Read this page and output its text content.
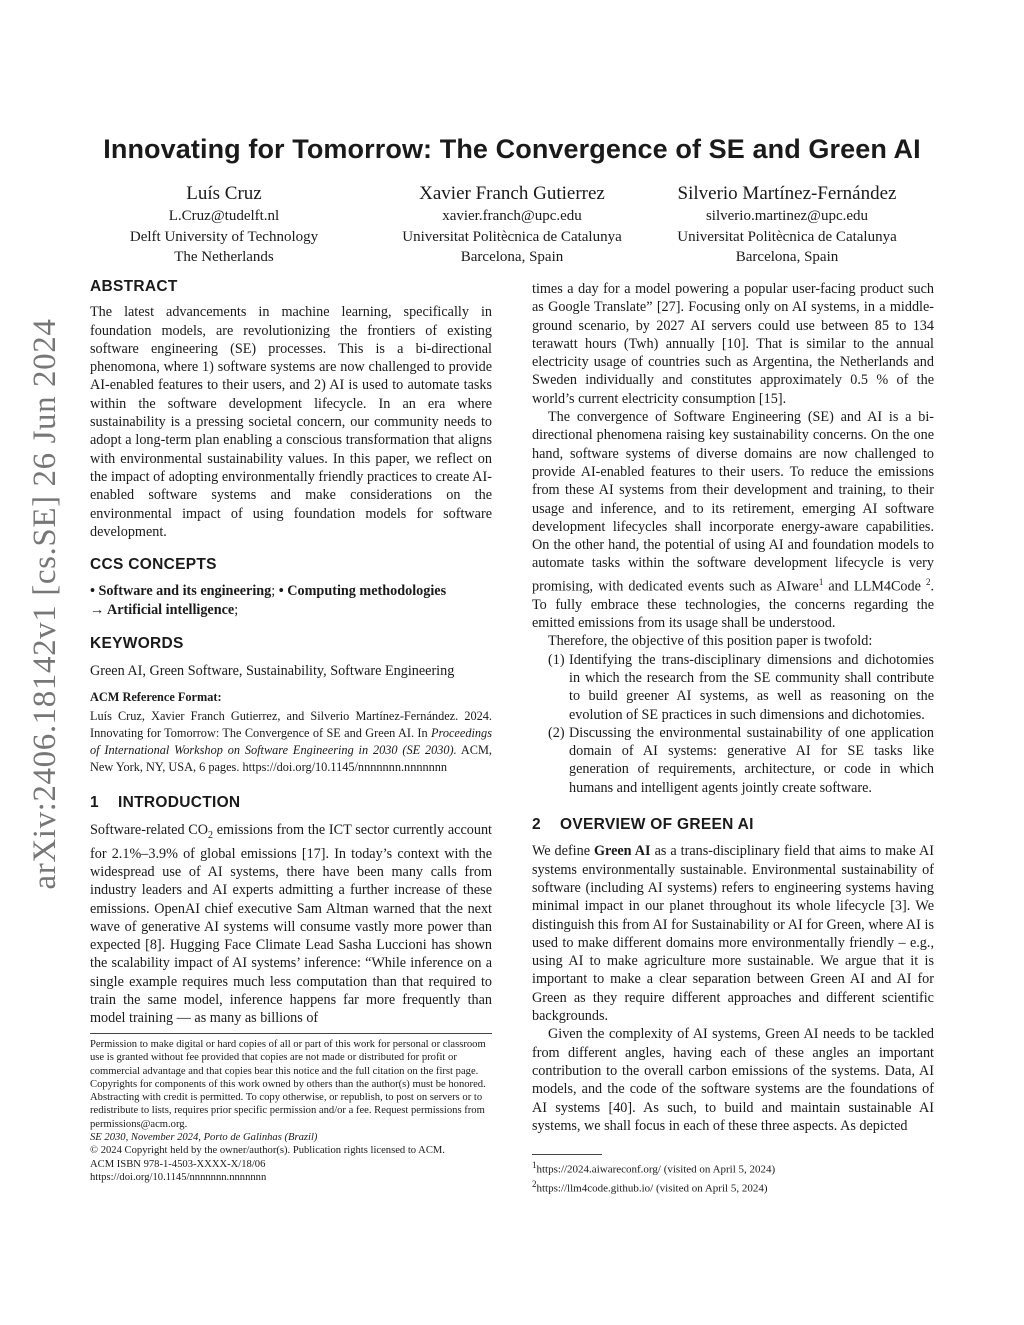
arXiv:2406.18142v1 [cs.SE] 26 Jun 2024
Innovating for Tomorrow: The Convergence of SE and Green AI
Luís Cruz
L.Cruz@tudelft.nl
Delft University of Technology
The Netherlands
Xavier Franch Gutierrez
xavier.franch@upc.edu
Universitat Politècnica de Catalunya
Barcelona, Spain
Silverio Martínez-Fernández
silverio.martinez@upc.edu
Universitat Politècnica de Catalunya
Barcelona, Spain
ABSTRACT

The latest advancements in machine learning, specifically in foundation models, are revolutionizing the frontiers of existing software engineering (SE) processes. This is a bi-directional phenomona, where 1) software systems are now challenged to provide AI-enabled features to their users, and 2) AI is used to automate tasks within the software development lifecycle. In an era where sustainability is a pressing societal concern, our community needs to adopt a long-term plan enabling a conscious transformation that aligns with environmental sustainability values. In this paper, we reflect on the impact of adopting environmentally friendly practices to create AI-enabled software systems and make considerations on the environmental impact of using foundation models for software development.

CCS CONCEPTS

• Software and its engineering; • Computing methodologies
→ Artificial intelligence;

KEYWORDS

Green AI, Green Software, Sustainability, Software Engineering

ACM Reference Format:

Luís Cruz, Xavier Franch Gutierrez, and Silverio Martínez-Fernández. 2024. Innovating for Tomorrow: The Convergence of SE and Green AI. In Proceedings of International Workshop on Software Engineering in 2030 (SE 2030). ACM, New York, NY, USA, 6 pages. https://doi.org/10.1145/nnnnnnn.nnnnnnn

1 INTRODUCTION

Software-related $CO_2$ emissions from the ICT sector currently account for 2.1%–3.9% of global emissions [17]. In today’s context with the widespread use of AI systems, there have been many calls from industry leaders and AI experts admitting a further increase of these emissions. OpenAI chief executive Sam Altman warned that the next wave of generative AI systems will consume vastly more power than expected [8]. Hugging Face Climate Lead Sasha Luccioni has shown the scalability impact of AI systems’ inference: “While inference on a single example requires much less computation than that required to train the same model, inference happens far more frequently than model training — as many as billions of

Permission to make digital or hard copies of all or part of this work for personal or classroom use is granted without fee provided that copies are not made or distributed for profit or commercial advantage and that copies bear this notice and the full citation on the first page. Copyrights for components of this work owned by others than the author(s) must be honored. Abstracting with credit is permitted. To copy otherwise, or republish, to post on servers or to redistribute to lists, requires prior specific permission and/or a fee. Request permissions from permissions@acm.org.
SE 2030, November 2024, Porto de Galinhas (Brazil)
© 2024 Copyright held by the owner/author(s). Publication rights licensed to ACM.
ACM ISBN 978-1-4503-XXXX-X/18/06
https://doi.org/10.1145/nnnnnnn.nnnnnnn

times a day for a model powering a popular user-facing product such as Google Translate” [27]. Focusing only on AI systems, in a middle-ground scenario, by 2027 AI servers could use between 85 to 134 terawatt hours (Twh) annually [10]. That is similar to the annual electricity usage of countries such as Argentina, the Netherlands and Sweden individually and constitutes approximately 0.5 % of the world’s current electricity consumption [15].

The convergence of Software Engineering (SE) and AI is a bi-directional phenomena raising key sustainability concerns. On the one hand, software systems of diverse domains are now challenged to provide AI-enabled features to their users. To reduce the emissions from these AI systems from their development and training, to their usage and inference, and to its retirement, emerging AI software development lifecycles shall incorporate energy-aware capabilities. On the other hand, the potential of using AI and foundation models to automate tasks within the software development lifecycle is very promising, with dedicated events such as AIware$^1$ and LLM4Code $^2$. To fully embrace these technologies, the concerns regarding the emitted emissions from its usage shall be understood.

Therefore, the objective of this position paper is twofold:

(1) Identifying the trans-disciplinary dimensions and dichotomies in which the research from the SE community shall contribute to build greener AI systems, as well as reasoning on the evolution of SE practices in such dimensions and dichotomies.
(2) Discussing the environmental sustainability of one application domain of AI systems: generative AI for SE tasks like generation of requirements, architecture, or code in which humans and intelligent agents jointly create software.
2 OVERVIEW OF GREEN AI

We define Green AI as a trans-disciplinary field that aims to make AI systems environmentally sustainable. Environmental sustainability of software (including AI systems) refers to engineering systems having minimal impact in our planet throughout its whole lifecycle [3]. We distinguish this from AI for Sustainability or AI for Green, where AI is used to make different domains more environmentally friendly – e.g., using AI to make agriculture more sustainable. We argue that it is important to make a clear separation between Green AI and AI for Green as they require different approaches and different scientific backgrounds.

Given the complexity of AI systems, Green AI needs to be tackled from different angles, having each of these angles an important contribution to the overall carbon emissions of the systems. Data, AI models, and the code of the software systems are the foundations of AI systems [40]. As such, to build and maintain sustainable AI systems, we shall focus in each of these three aspects. As depicted

$^1$https://2024.aiwareconf.org/ (visited on April 5, 2024)
$^2$https://llm4code.github.io/ (visited on April 5, 2024)
